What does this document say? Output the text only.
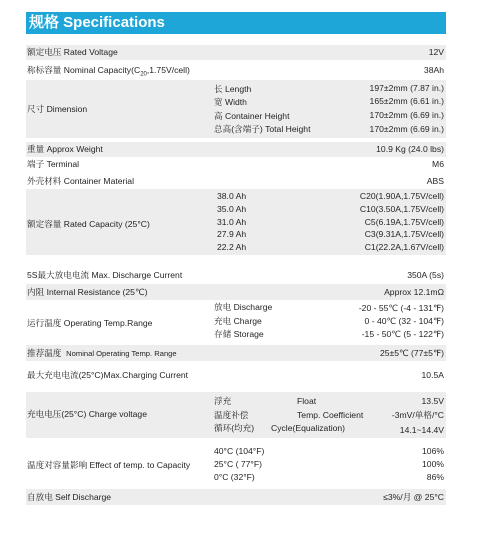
规格 Specifications
额定电压 Rated Voltage	12V
称标容量 Nominal $Capacity(C_{20},1.75V/cell)$	38Ah
尺寸 Dimension
长 Length	197±2mm (7.87 in.)
宽 Width	165±2mm (6.61 in.)
高 Container Height	170±2mm (6.69 in.)
总高(含端子) Total Height	170±2mm (6.69 in.)
重量 Approx Weight	10.9 Kg (24.0 lbs)
端子 Terminal	M6
外壳材料 Container Material	ABS
额定容量 Rated Capacity (25°C)
38.0 Ah	C20(1.90A,1.75V/cell)
35.0 Ah	C10(3.50A,1.75V/cell)
31.0 Ah	C5(6.19A,1.75V/cell)
27.9 Ah	C3(9.31A,1.75V/cell)
22.2 Ah	C1(22.2A,1.67V/cell)
5S最大放电电流 Max. Discharge Current	350A (5s)
内阻 Internal Resistance (25℃)	Approx 12.1mΩ
运行温度 Operating Temp.Range
放电 Discharge	-20 - 55℃ (-4 - 131℉)
充电 Charge	0 - 40℃ (32 - 104℉)
存储 Storage	-15 - 50℃ (5 - 122℉)
推荐温度 Nominal Operating Temp. Range	25±5℃ (77±5℉)
最大充电电流(25°C)Max.Charging Current	10.5A
充电电压(25°C) Charge voltage
浮充	Float	13.5V
温度补偿	Temp. Coefficient	-3mV/单格/°C
循环(均充) Cycle(Equalization)	14.1~14.4V
温度对容量影响 Effect of temp. to Capacity
40°C (104°F)	106%
25°C ( 77°F)	100%
0°C (32°F)	86%
自放电 Self Discharge	≤3%/月 @ 25°C
